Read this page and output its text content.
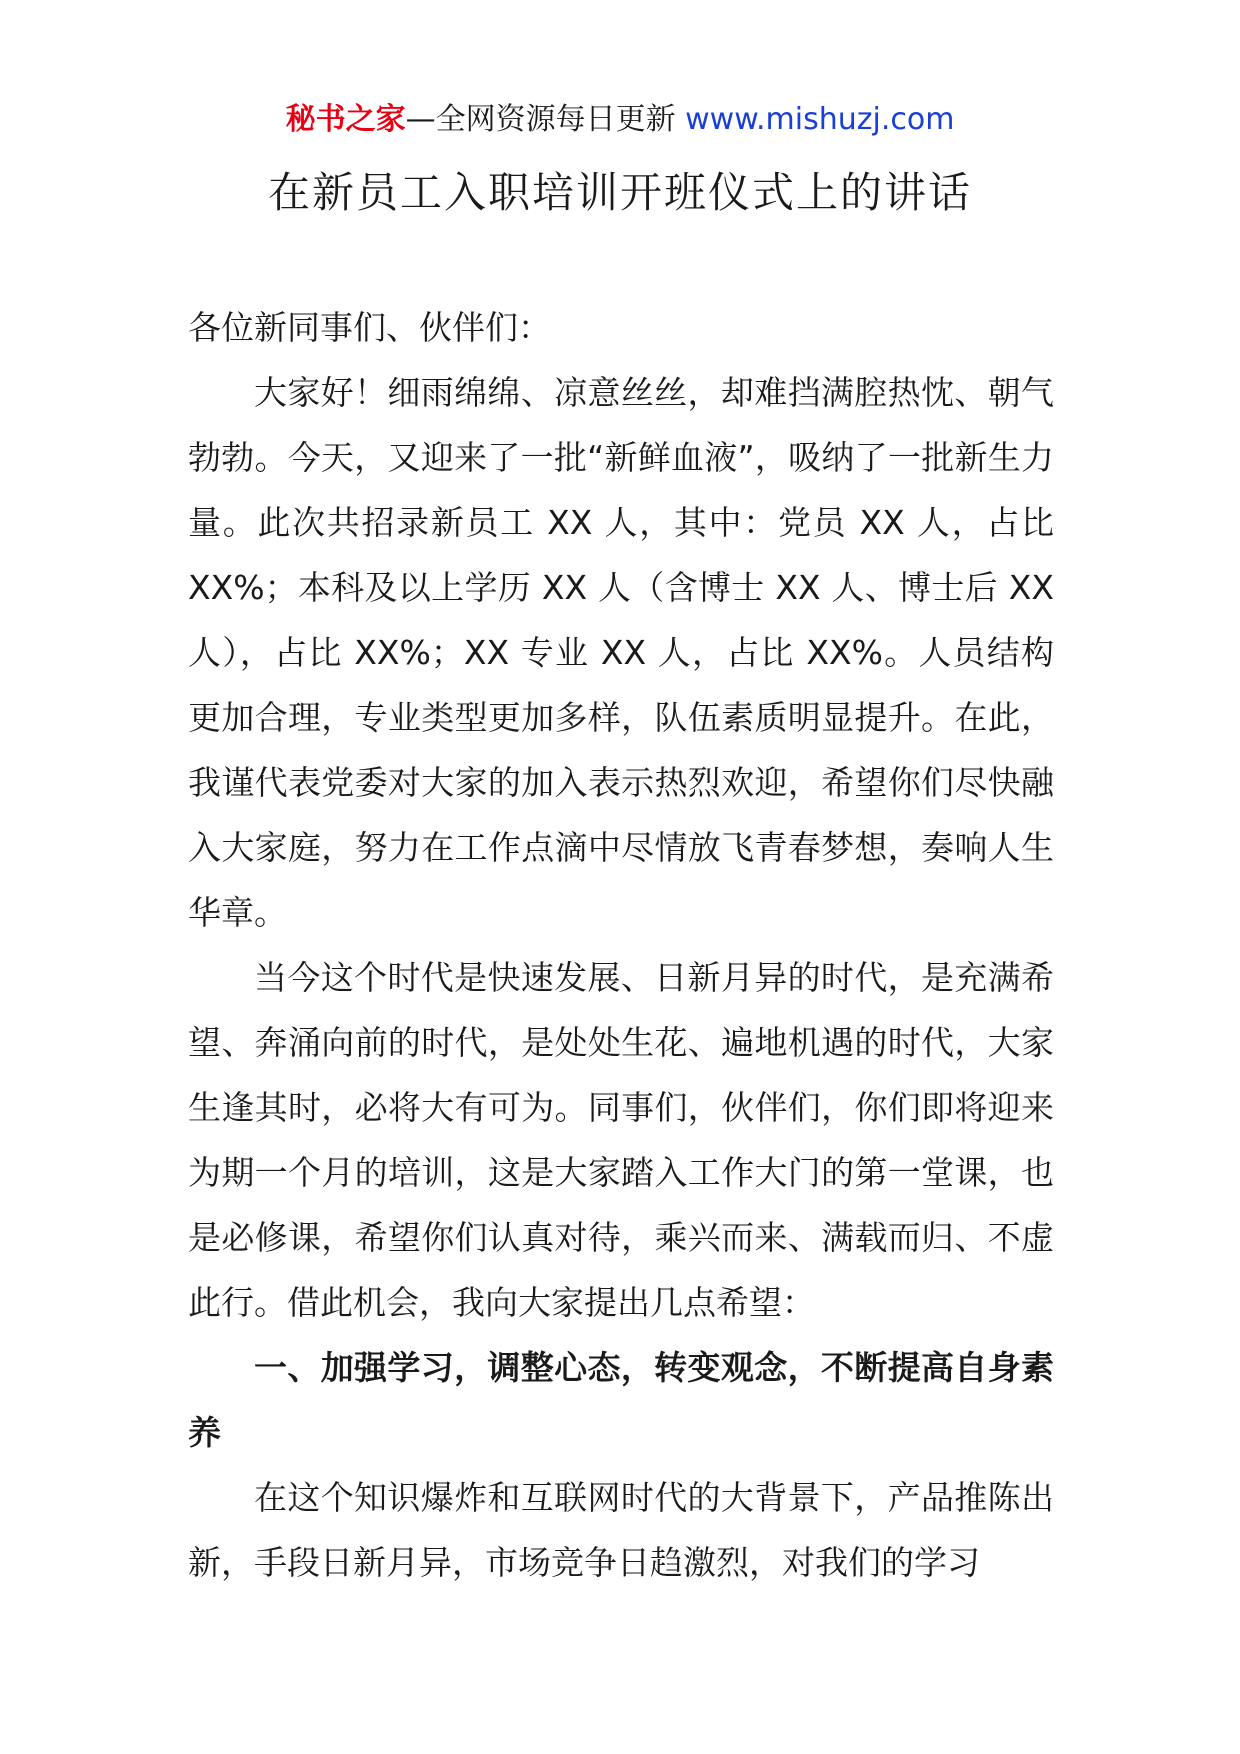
秘书之家—全网资源每日更新 www.mishuzj.com
在新员工入职培训开班仪式上的讲话

各位新同事们、伙伴们：

大家好！细雨绵绵、凉意丝丝，却难挡满腔热忱、朝气勃勃。今天，又迎来了一批“新鲜血液”，吸纳了一批新生力量。此次共招录新员工 XX 人，其中：党员 XX 人，占比 XX%；本科及以上学历 XX 人（含博士 XX 人、博士后 XX 人），占比 XX%；XX 专业 XX 人，占比 XX%。人员结构更加合理，专业类型更加多样，队伍素质明显提升。在此，我谨代表党委对大家的加入表示热烈欢迎，希望你们尽快融入大家庭，努力在工作点滴中尽情放飞青春梦想，奏响人生华章。

当今这个时代是快速发展、日新月异的时代，是充满希望、奔涌向前的时代，是处处生花、遍地机遇的时代，大家生逢其时，必将大有可为。同事们，伙伴们，你们即将迎来为期一个月的培训，这是大家踏入工作大门的第一堂课，也是必修课，希望你们认真对待，乘兴而来、满载而归、不虚此行。借此机会，我向大家提出几点希望：

一、加强学习，调整心态，转变观念，不断提高自身素养

在这个知识爆炸和互联网时代的大背景下，产品推陈出新，手段日新月异，市场竞争日趋激烈，对我们的学习
